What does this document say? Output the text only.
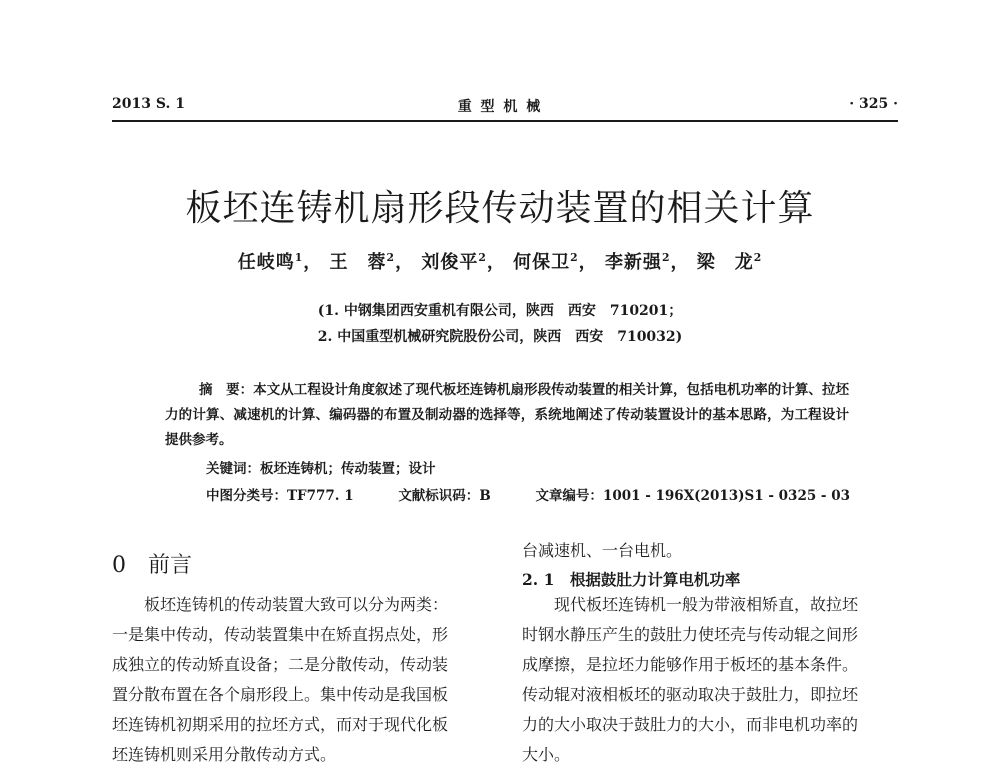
2013 S. 1	重 型 机 械	· 325 ·
板坯连铸机扇形段传动装置的相关计算
任岐鸣$^1$， 王　蓉$^2$， 刘俊平$^2$， 何保卫$^2$， 李新强$^2$， 梁　龙$^2$
(1. 中钢集团西安重机有限公司，陕西　西安　710201；
2. 中国重型机械研究院股份公司，陕西　西安　710032)
摘　要：本文从工程设计角度叙述了现代板坯连铸机扇形段传动装置的相关计算，包括电机功率的计算、拉坯力的计算、减速机的计算、编码器的布置及制动器的选择等，系统地阐述了传动装置设计的基本思路，为工程设计提供参考。
关键词：板坯连铸机；传动装置；设计
中图分类号：TF777. 1	文献标识码：B	文章编号：1001 - 196X(2013)S1 - 0325 - 03
0　前言
　　板坯连铸机的传动装置大致可以分为两类：
一是集中传动，传动装置集中在矫直拐点处，形
成独立的传动矫直设备；二是分散传动，传动装
置分散布置在各个扇形段上。集中传动是我国板
坯连铸机初期采用的拉坯方式，而对于现代化板
坯连铸机则采用分散传动方式。
台减速机、一台电机。
2. 1　根据鼓肚力计算电机功率
　　现代板坯连铸机一般为带液相矫直，故拉坯
时钢水静压产生的鼓肚力使坯壳与传动辊之间形
成摩擦，是拉坯力能够作用于板坯的基本条件。
传动辊对液相板坯的驱动取决于鼓肚力，即拉坯
力的大小取决于鼓肚力的大小，而非电机功率的
大小。
